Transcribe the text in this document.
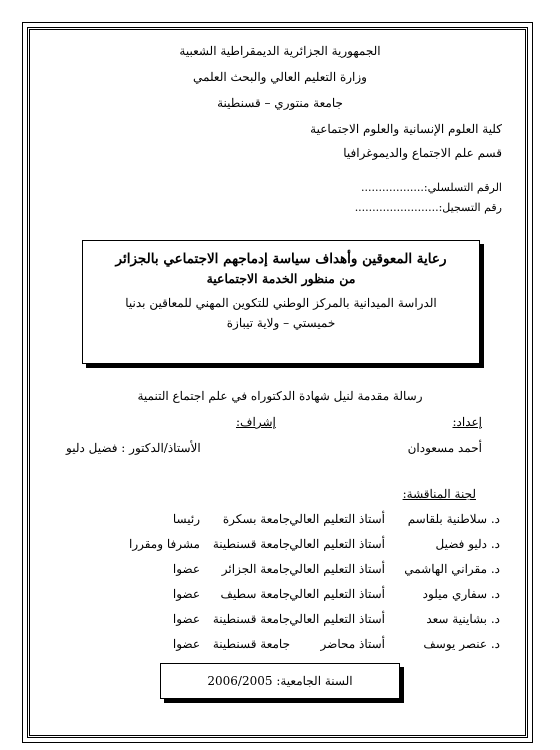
الجمهورية الجزائرية الديمقراطية الشعبية
وزارة التعليم العالي والبحث العلمي
جامعة منتوري – قسنطينة
كلية العلوم الإنسانية والعلوم الاجتماعية
قسم علم الاجتماع والديموغرافيا
الرقم التسلسلي:..................
رقم التسجيل:........................
رعاية المعوقين وأهداف سياسة إدماجهم الاجتماعي بالجزائر
من منظور الخدمة الاجتماعية
الدراسة الميدانية بالمركز الوطني للتكوين المهني للمعاقين بدنيا
خميستي – ولاية تيبازة
رسالة مقدمة لنيل شهادة الدكتوراه في علم اجتماع التنمية
إعداد:
أحمد مسعودان
إشراف:
الأستاذ/الدكتور : فضيل دليو
لجنة المناقشة:
د. سلاطنية بلقاسم
أستاذ التعليم العالي
جامعة بسكرة
رئيسا
د. دليو فضيل
أستاذ التعليم العالي
جامعة قسنطينة
مشرفا ومقررا
د. مقراني الهاشمي
أستاذ التعليم العالي
جامعة الجزائر
عضوا
د. سفاري ميلود
أستاذ التعليم العالي
جامعة سطيف
عضوا
د. بشاينية سعد
أستاذ التعليم العالي
جامعة قسنطينة
عضوا
د. عنصر يوسف
أستاذ محاضر
جامعة قسنطينة
عضوا
السنة الجامعية: 2006/2005
